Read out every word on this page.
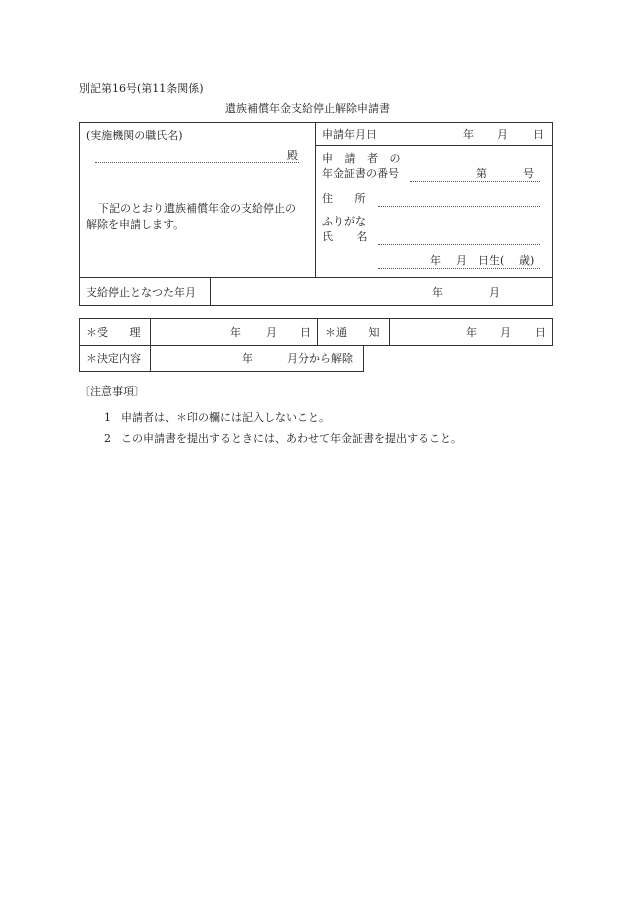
別記第16号(第11条関係)
遺族補償年金支給停止解除申請書
(実施機関の職氏名)
殿
下記のとおり遺族補償年金の支給停止の
解除を申請します。
申請年月日	年 月 日
申 請 者 の
年金証書の番号	第	号
住 所
ふりがな
氏 名
年 月 日生( 歳)
支給停止となつた年月	年	月
＊受 理	年 月 日 ＊通 知	年 月 日
＊決定内容	年	月分から解除
〔注意事項〕
1 申請者は、＊印の欄には記入しないこと。
2 この申請書を提出するときには、あわせて年金証書を提出すること。
